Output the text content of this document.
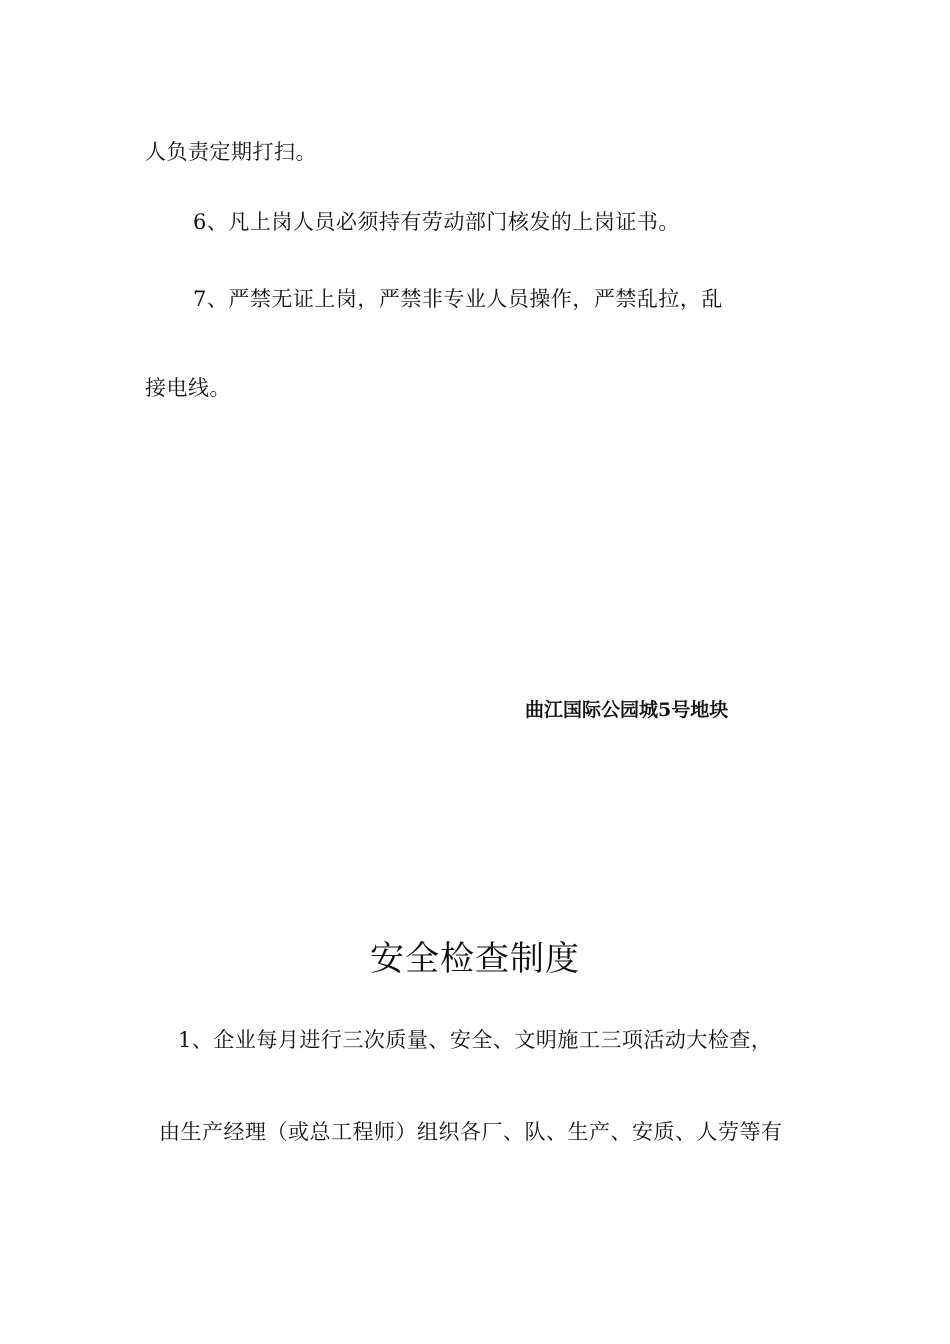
人负责定期打扫。
6、凡上岗人员必须持有劳动部门核发的上岗证书。
7、严禁无证上岗，严禁非专业人员操作，严禁乱拉，乱
接电线。
曲江国际公园城5号地块
安全检查制度
1、企业每月进行三次质量、安全、文明施工三项活动大检查，
由生产经理（或总工程师）组织各厂、队、生产、安质、人劳等有
